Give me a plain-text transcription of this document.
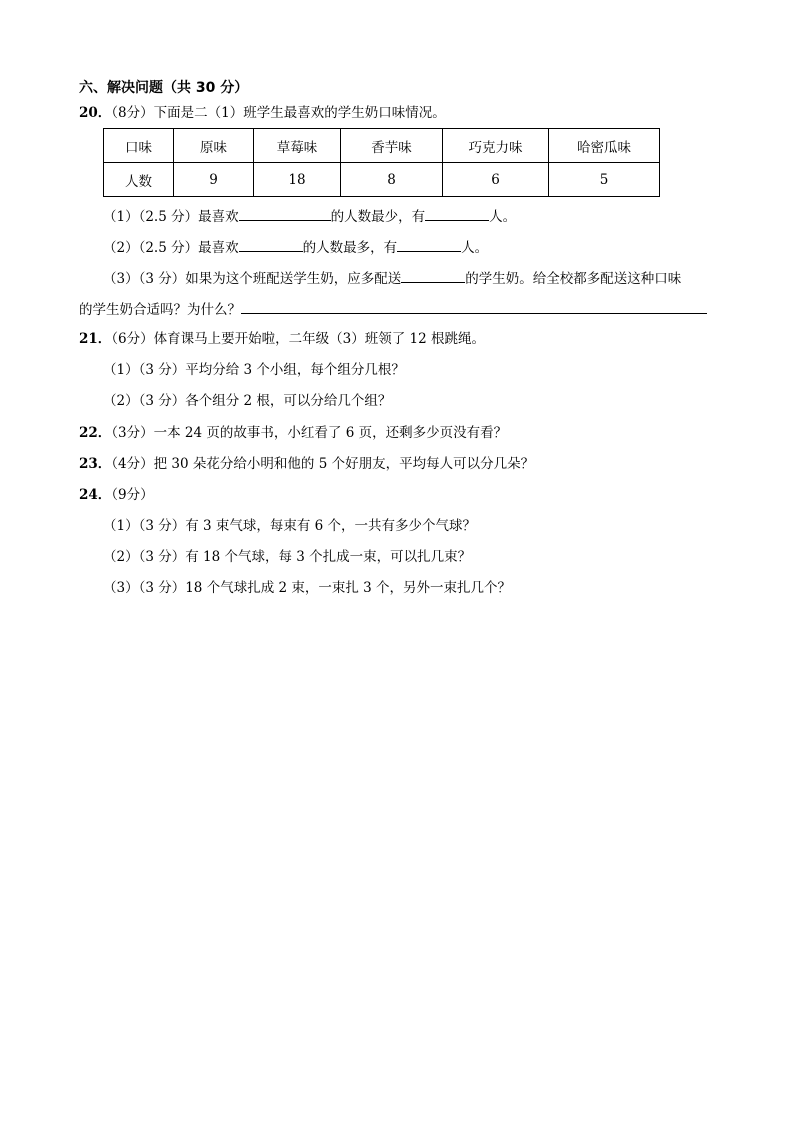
六、解决问题（共 30 分）
20．（8分）下面是二（1）班学生最喜欢的学生奶口味情况。
口味	原味	草莓味	香芋味	巧克力味	哈密瓜味
人数	9	18	8	6	5
（1）（2.5 分）最喜欢	的人数最少，有	人。
（2）（2.5 分）最喜欢	的人数最多，有	人。
（3）（3 分）如果为这个班配送学生奶，应多配送	的学生奶。给全校都多配送这种口味
的学生奶合适吗？为什么？
21．（6分）体育课马上要开始啦，二年级（3）班领了 12 根跳绳。
（1）（3 分）平均分给 3 个小组，每个组分几根？
（2）（3 分）各个组分 2 根，可以分给几个组？
22．（3分）一本 24 页的故事书，小红看了 6 页，还剩多少页没有看？
23．（4分）把 30 朵花分给小明和他的 5 个好朋友，平均每人可以分几朵？
24．（9分）
（1）（3 分）有 3 束气球，每束有 6 个，一共有多少个气球？
（2）（3 分）有 18 个气球，每 3 个扎成一束，可以扎几束？
（3）（3 分）18 个气球扎成 2 束，一束扎 3 个，另外一束扎几个？
